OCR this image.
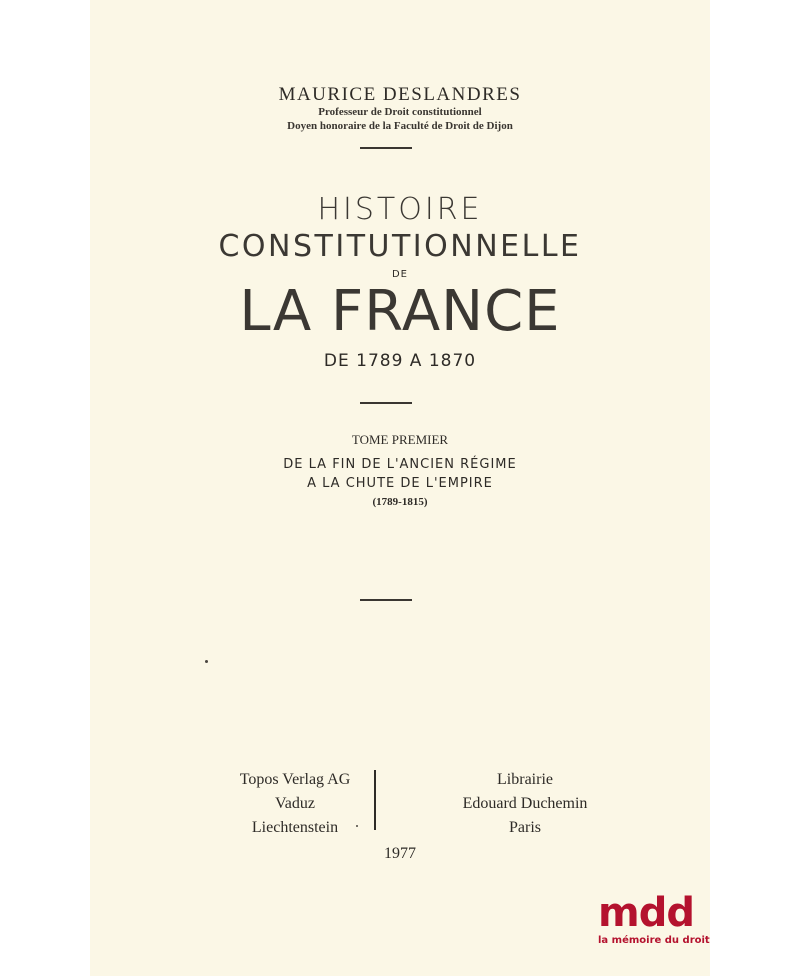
MAURICE DESLANDRES
Professeur de Droit constitutionnel
Doyen honoraire de la Faculté de Droit de Dijon
HISTOIRE
CONSTITUTIONNELLE
DE
LA FRANCE
DE 1789 A 1870
TOME PREMIER
DE LA FIN DE L'ANCIEN RÉGIME
A LA CHUTE DE L'EMPIRE
(1789-1815)
Topos Verlag AG
Vaduz
Liechtenstein
Librairie
Edouard Duchemin
Paris
1977
m d d
la mémoire du droit
